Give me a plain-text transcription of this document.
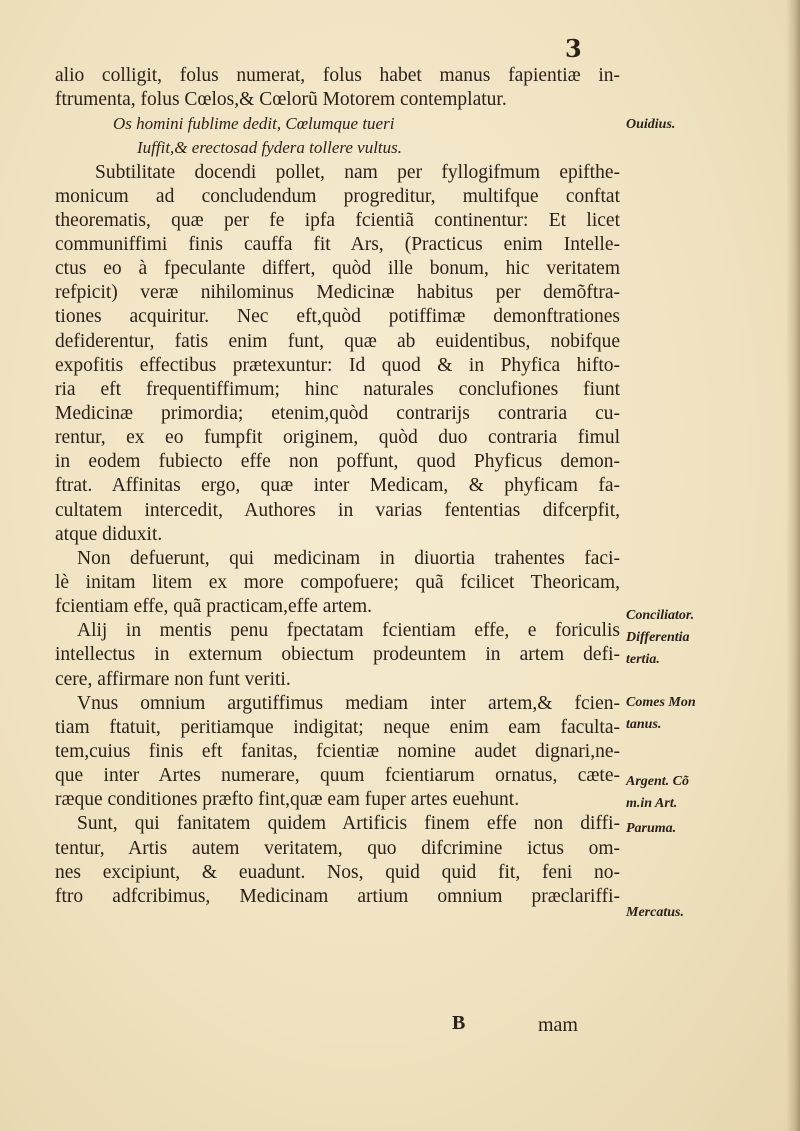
3
alio colligit, folus numerat, folus habet manus fapientiæ in-
ftrumenta, folus Cœlos,& Cœlorũ Motorem contemplatur.
Os homini fublime dedit, Cœlumque tueri
Iuffit,& erectosad fydera tollere vultus.
Subtilitate docendi pollet, nam per fyllogifmum epifthe-
monicum ad concludendum progreditur, multifque conftat
theorematis, quæ per fe ipfa fcientiã continentur: Et licet
communiffimi finis cauffa fit Ars, (Practicus enim Intelle-
ctus eo à fpeculante differt, quòd ille bonum, hic veritatem
refpicit) veræ nihilominus Medicinæ habitus per demõftra-
tiones acquiritur. Nec eft,quòd potiffimæ demonftrationes
defiderentur, fatis enim funt, quæ ab euidentibus, nobifque
expofitis effectibus prætexuntur: Id quod & in Phyfica hifto-
ria eft frequentiffimum; hinc naturales conclufiones fiunt
Medicinæ primordia; etenim,quòd contrarijs contraria cu-
rentur, ex eo fumpfit originem, quòd duo contraria fimul
in eodem fubiecto effe non poffunt, quod Phyficus demon-
ftrat. Affinitas ergo, quæ inter Medicam, & phyficam fa-
cultatem intercedit, Authores in varias fententias difcerpfit,
atque diduxit.
Non defuerunt, qui medicinam in diuortia trahentes faci-
lè initam litem ex more compofuere; quã fcilicet Theoricam,
fcientiam effe, quã practicam,effe artem.
Alij in mentis penu fpectatam fcientiam effe, e foriculis
intellectus in externum obiectum prodeuntem in artem defi-
cere, affirmare non funt veriti.
Vnus omnium argutiffimus mediam inter artem,& fcien-
tiam ftatuit, peritiamque indigitat; neque enim eam faculta-
tem,cuius finis eft fanitas, fcientiæ nomine audet dignari,ne-
que inter Artes numerare, quum fcientiarum ornatus, cæte-
ræque conditiones præfto fint,quæ eam fuper artes euehunt.
Sunt, qui fanitatem quidem Artificis finem effe non diffi-
tentur, Artis autem veritatem, quo difcrimine ictus om-
nes excipiunt, & euadunt. Nos, quid quid fit, feni no-
ftro adfcribimus, Medicinam artium omnium præclariffi-
Ouidius.
Conciliator.
Differentia
tertia.
Comes Mon
tanus.
Argent. Cõ
m.in Art.
Paruma.
Mercatus.
B	mam
